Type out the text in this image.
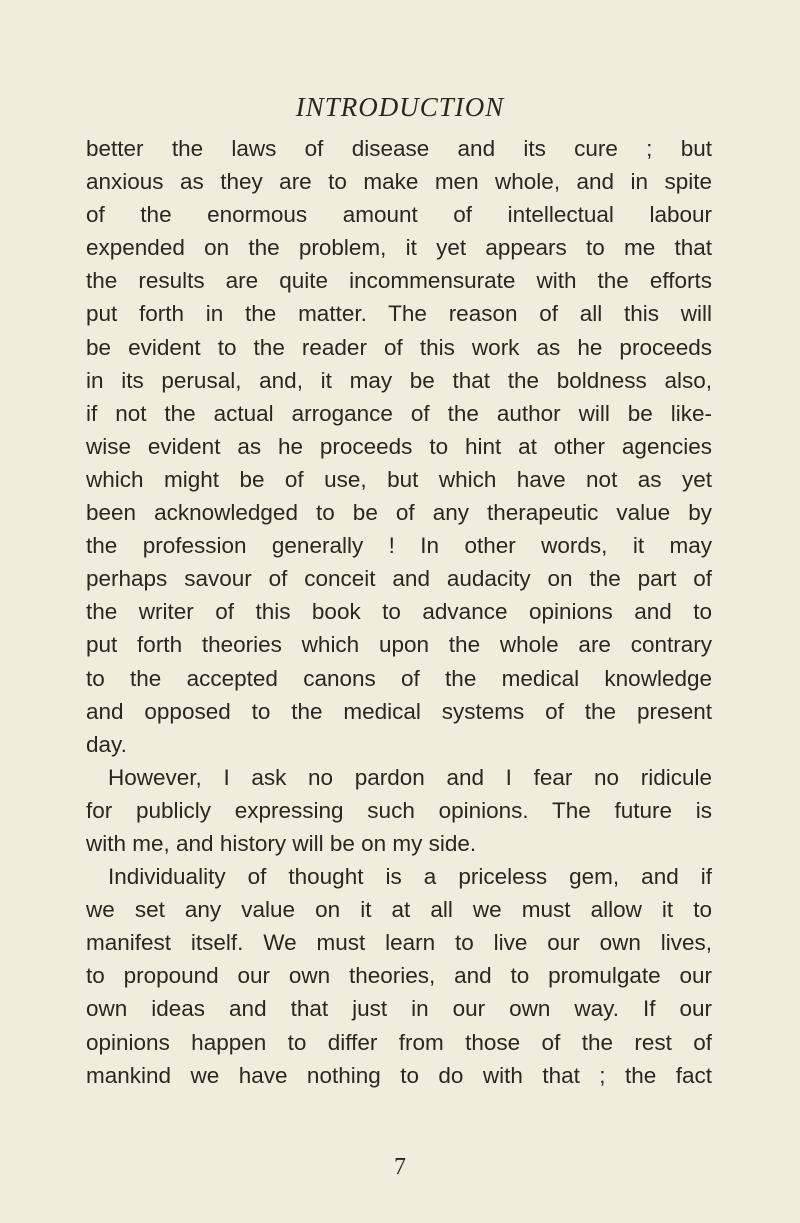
INTRODUCTION
better the laws of disease and its cure ; but
anxious as they are to make men whole, and in spite
of the enormous amount of intellectual labour
expended on the problem, it yet appears to me that
the results are quite incommensurate with the efforts
put forth in the matter. The reason of all this will
be evident to the reader of this work as he proceeds
in its perusal, and, it may be that the boldness also,
if not the actual arrogance of the author will be like-
wise evident as he proceeds to hint at other agencies
which might be of use, but which have not as yet
been acknowledged to be of any therapeutic value by
the profession generally ! In other words, it may
perhaps savour of conceit and audacity on the part of
the writer of this book to advance opinions and to
put forth theories which upon the whole are contrary
to the accepted canons of the medical knowledge
and opposed to the medical systems of the present
day.
However, I ask no pardon and I fear no ridicule
for publicly expressing such opinions. The future is
with me, and history will be on my side.
Individuality of thought is a priceless gem, and if
we set any value on it at all we must allow it to
manifest itself. We must learn to live our own lives,
to propound our own theories, and to promulgate our
own ideas and that just in our own way. If our
opinions happen to differ from those of the rest of
mankind we have nothing to do with that ; the fact
7
